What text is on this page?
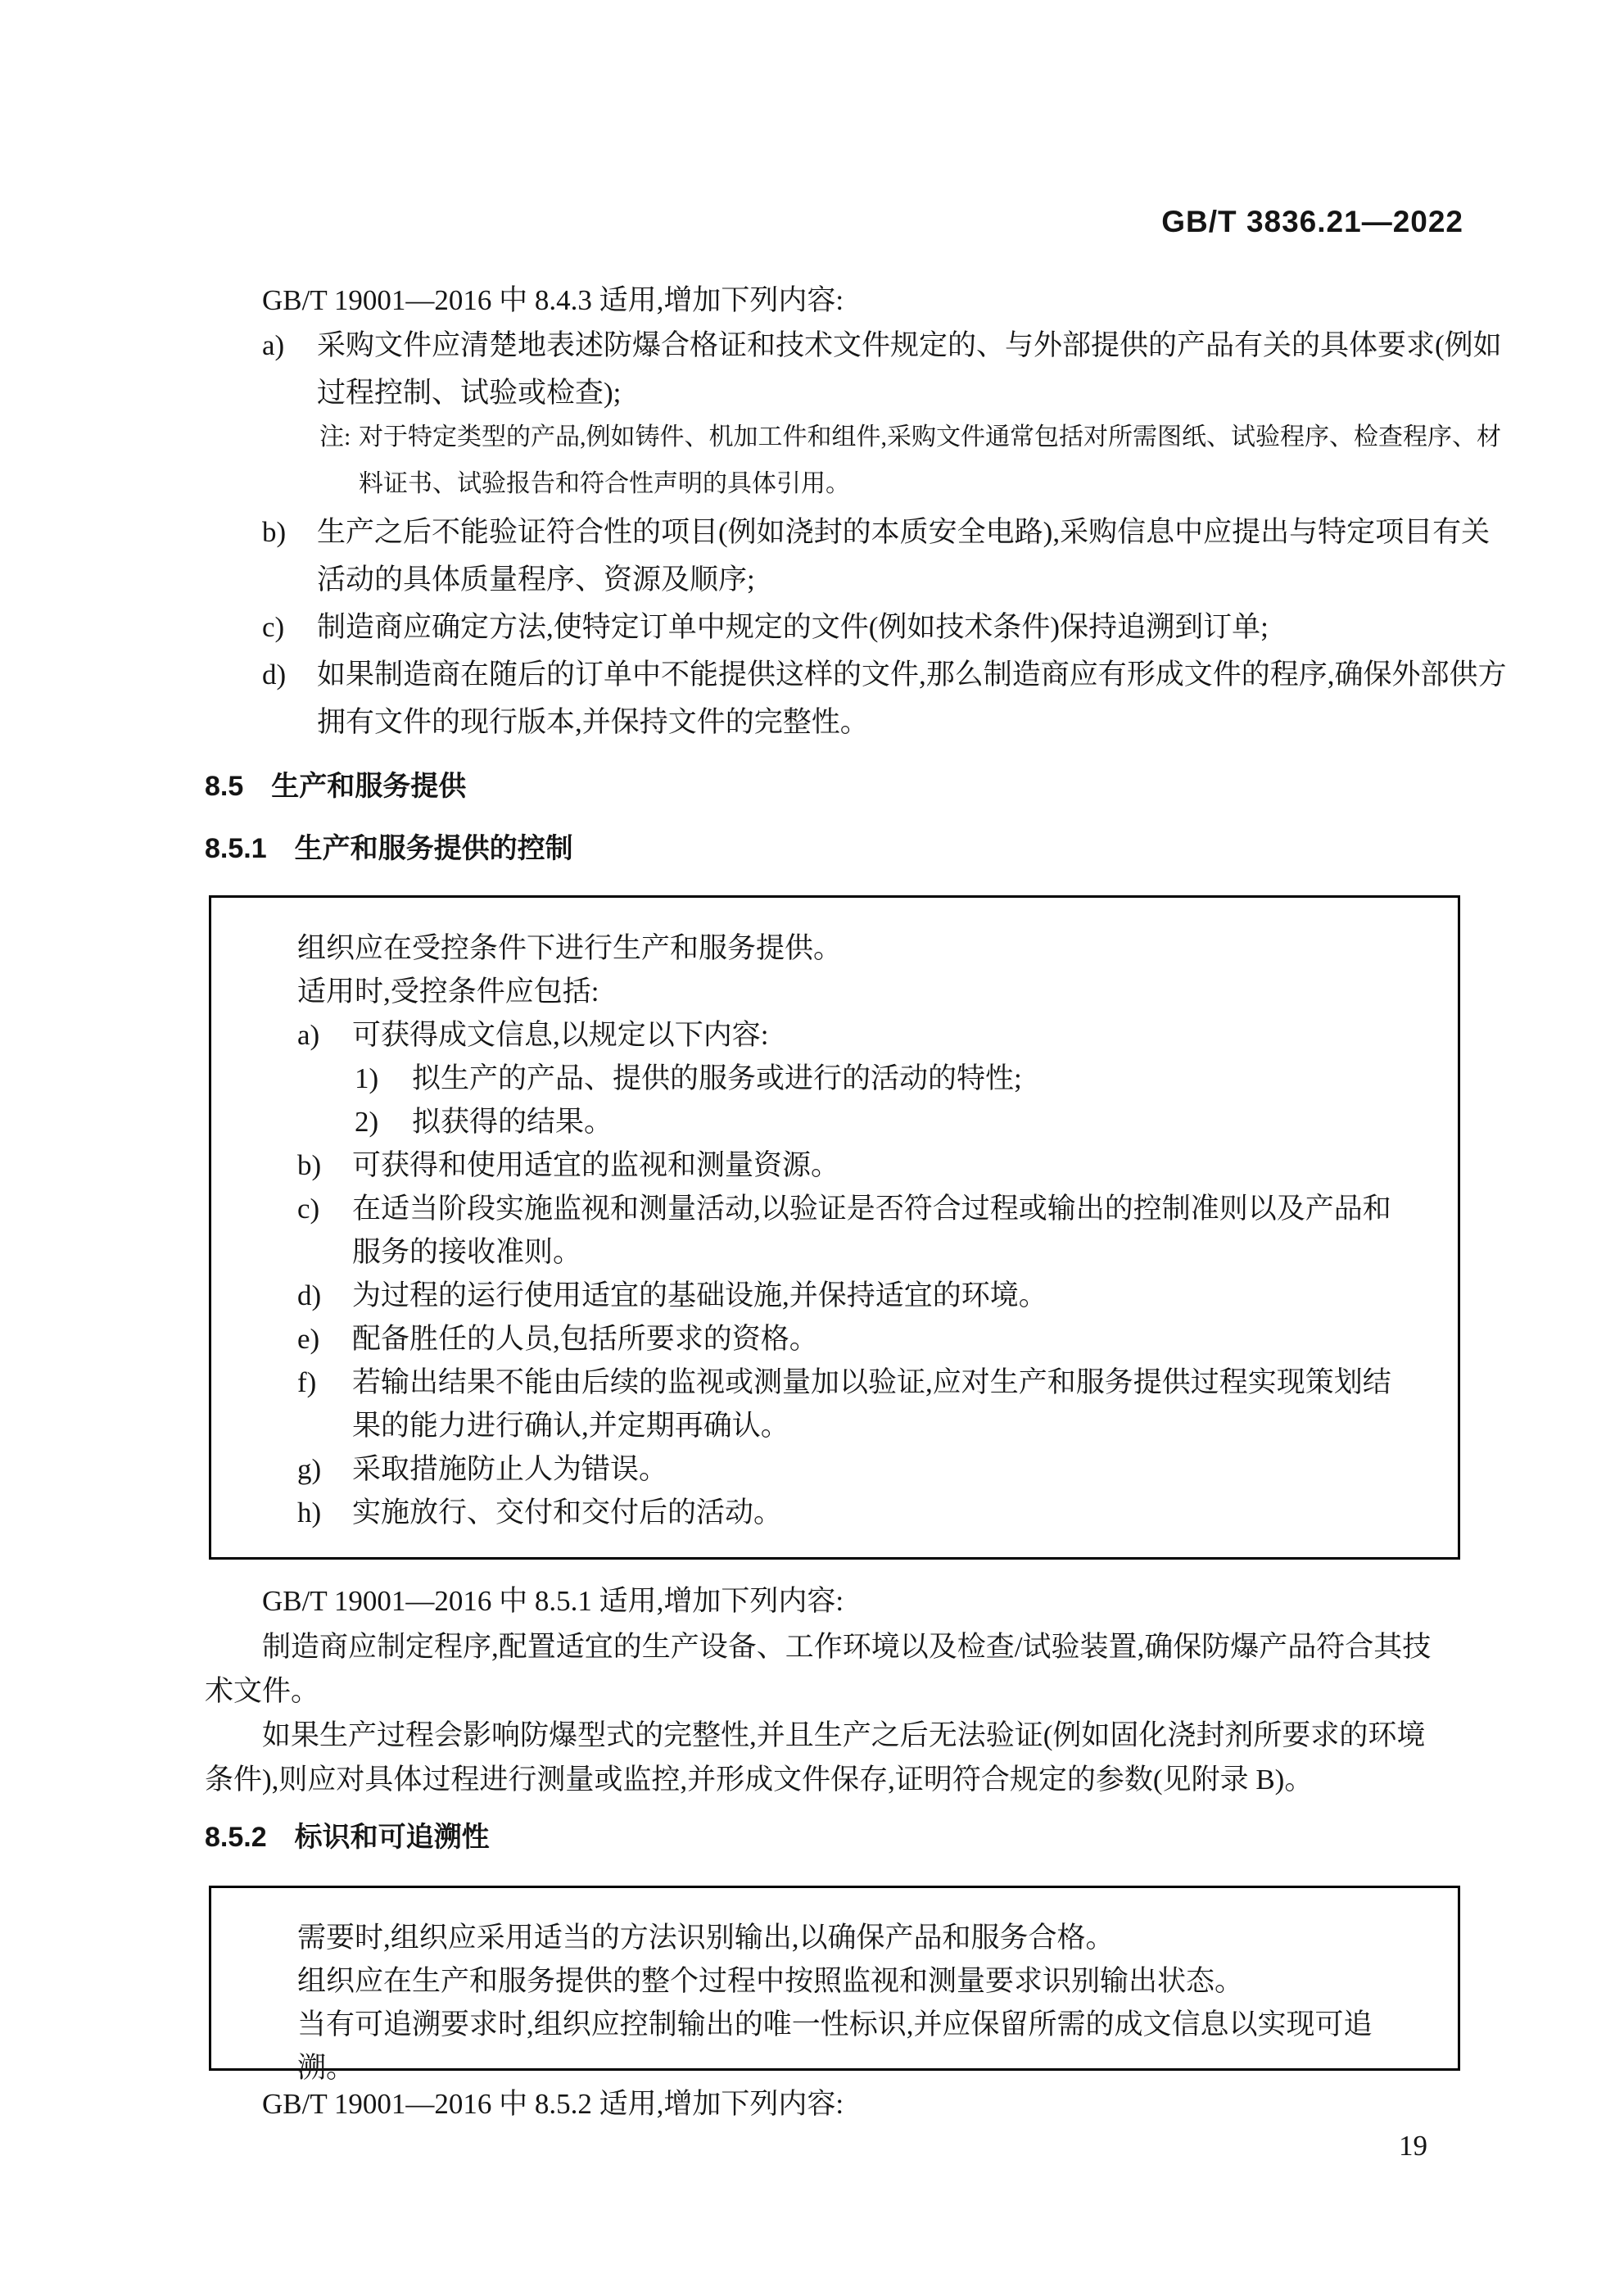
GB/T 3836.21—2022
GB/T 19001—2016 中 8.4.3 适用,增加下列内容:
a) 采购文件应清楚地表述防爆合格证和技术文件规定的、与外部提供的产品有关的具体要求(例如过程控制、试验或检查);
注: 对于特定类型的产品,例如铸件、机加工件和组件,采购文件通常包括对所需图纸、试验程序、检查程序、材料证书、试验报告和符合性声明的具体引用。
b) 生产之后不能验证符合性的项目(例如浇封的本质安全电路),采购信息中应提出与特定项目有关活动的具体质量程序、资源及顺序;
c) 制造商应确定方法,使特定订单中规定的文件(例如技术条件)保持追溯到订单;
d) 如果制造商在随后的订单中不能提供这样的文件,那么制造商应有形成文件的程序,确保外部供方拥有文件的现行版本,并保持文件的完整性。
8.5 生产和服务提供
8.5.1 生产和服务提供的控制
组织应在受控条件下进行生产和服务提供。
适用时,受控条件应包括:
a) 可获得成文信息,以规定以下内容:
1) 拟生产的产品、提供的服务或进行的活动的特性;
2) 拟获得的结果。
b) 可获得和使用适宜的监视和测量资源。
c) 在适当阶段实施监视和测量活动,以验证是否符合过程或输出的控制准则以及产品和服务的接收准则。
d) 为过程的运行使用适宜的基础设施,并保持适宜的环境。
e) 配备胜任的人员,包括所要求的资格。
f) 若输出结果不能由后续的监视或测量加以验证,应对生产和服务提供过程实现策划结果的能力进行确认,并定期再确认。
g) 采取措施防止人为错误。
h) 实施放行、交付和交付后的活动。
GB/T 19001—2016 中 8.5.1 适用,增加下列内容:
制造商应制定程序,配置适宜的生产设备、工作环境以及检查/试验装置,确保防爆产品符合其技术文件。
如果生产过程会影响防爆型式的完整性,并且生产之后无法验证(例如固化浇封剂所要求的环境条件),则应对具体过程进行测量或监控,并形成文件保存,证明符合规定的参数(见附录 B)。
8.5.2 标识和可追溯性
需要时,组织应采用适当的方法识别输出,以确保产品和服务合格。
组织应在生产和服务提供的整个过程中按照监视和测量要求识别输出状态。
当有可追溯要求时,组织应控制输出的唯一性标识,并应保留所需的成文信息以实现可追溯。
GB/T 19001—2016 中 8.5.2 适用,增加下列内容:
19
